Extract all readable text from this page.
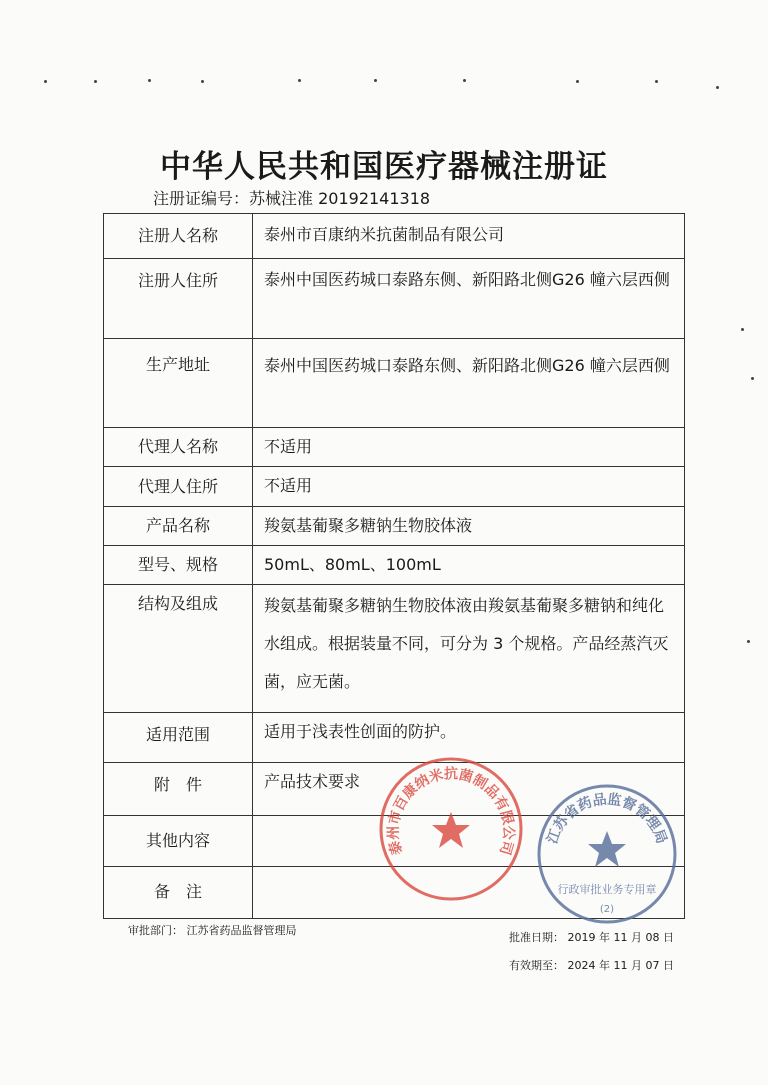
中华人民共和国医疗器械注册证
注册证编号：苏械注准 20192141318
注册人名称	泰州市百康纳米抗菌制品有限公司

注册人住所	泰州中国医药城口泰路东侧、新阳路北侧G26 幢六层西侧

生产地址	泰州中国医药城口泰路东侧、新阳路北侧G26 幢六层西侧

代理人名称	不适用

代理人住所	不适用

产品名称	羧氨基葡聚多糖钠生物胶体液

型号、规格	50mL、80mL、100mL

结构及组成	羧氨基葡聚多糖钠生物胶体液由羧氨基葡聚多糖钠和纯化水组成。根据装量不同，可分为 3 个规格。产品经蒸汽灭菌，应无菌。

适用范围	适用于浅表性创面的防护。

附　件	产品技术要求

其他内容	

备　注	

泰州市百康纳米抗菌制品有限公司
江苏省药品监督管理局
行政审批业务专用章
(2)
审批部门： 江苏省药品监督管理局
批准日期： 2019 年 11 月 08 日
有效期至： 2024 年 11 月 07 日
